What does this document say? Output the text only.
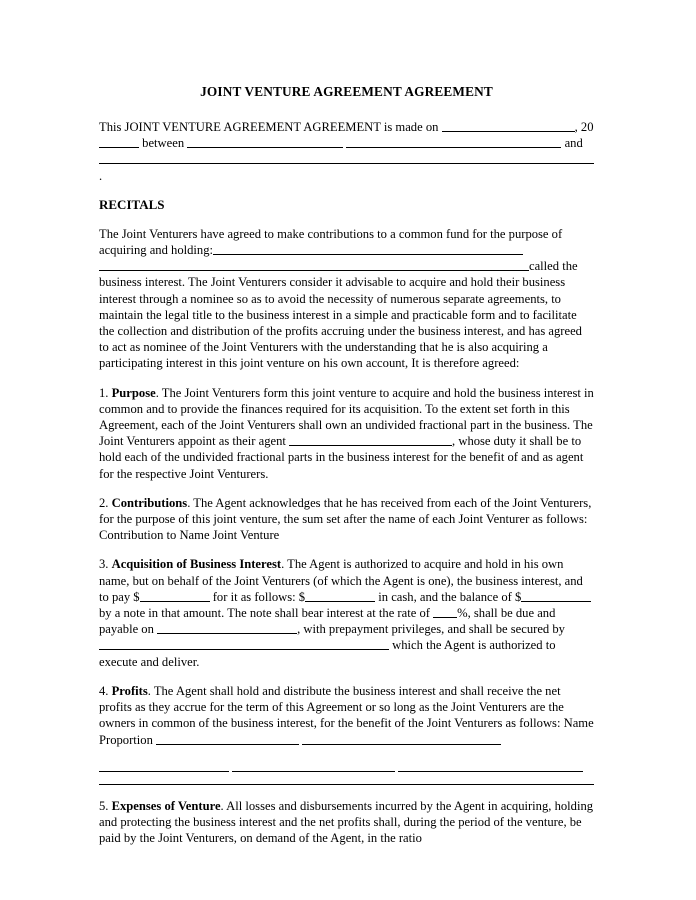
JOINT VENTURE AGREEMENT AGREEMENT

This JOINT VENTURE AGREEMENT AGREEMENT is made on	, 20  between	and .

RECITALS

The Joint Venturers have agreed to make contributions to a common fund for the purpose of acquiring and holding: called the business interest. The Joint Venturers consider it advisable to acquire and hold their business interest through a nominee so as to avoid the necessity of numerous separate agreements, to maintain the legal title to the business interest in a simple and practicable form and to facilitate the collection and distribution of the profits accruing under the business interest, and has agreed to act as nominee of the Joint Venturers with the understanding that he is also acquiring a participating interest in this joint venture on his own account, It is therefore agreed:

1. Purpose. The Joint Venturers form this joint venture to acquire and hold the business interest in common and to provide the finances required for its acquisition. To the extent set forth in this Agreement, each of the Joint Venturers shall own an undivided fractional part in the business. The Joint Venturers appoint as their agent	, whose duty it shall be to hold each of the undivided fractional parts in the business interest for the benefit of and as agent for the respective Joint Venturers.

2. Contributions. The Agent acknowledges that he has received from each of the Joint Venturers, for the purpose of this joint venture, the sum set after the name of each Joint Venturer as follows: Contribution to Name Joint Venture

3. Acquisition of Business Interest. The Agent is authorized to acquire and hold in his own name, but on behalf of the Joint Venturers (of which the Agent is one), the business interest, and to pay $	for it as follows: $	in cash, and the balance of $ by a note in that amount. The note shall bear interest at the rate of %, shall be due and payable on	, with prepayment privileges, and shall be secured by  which the Agent is authorized to execute and deliver.

4. Profits. The Agent shall hold and distribute the business interest and shall receive the net profits as they accrue for the term of this Agreement or so long as the Joint Venturers are the owners in common of the business interest, for the benefit of the Joint Venturers as follows: Name Proportion

5. Expenses of Venture. All losses and disbursements incurred by the Agent in acquiring, holding and protecting the business interest and the net profits shall, during the period of the venture, be paid by the Joint Venturers, on demand of the Agent, in the ratio
